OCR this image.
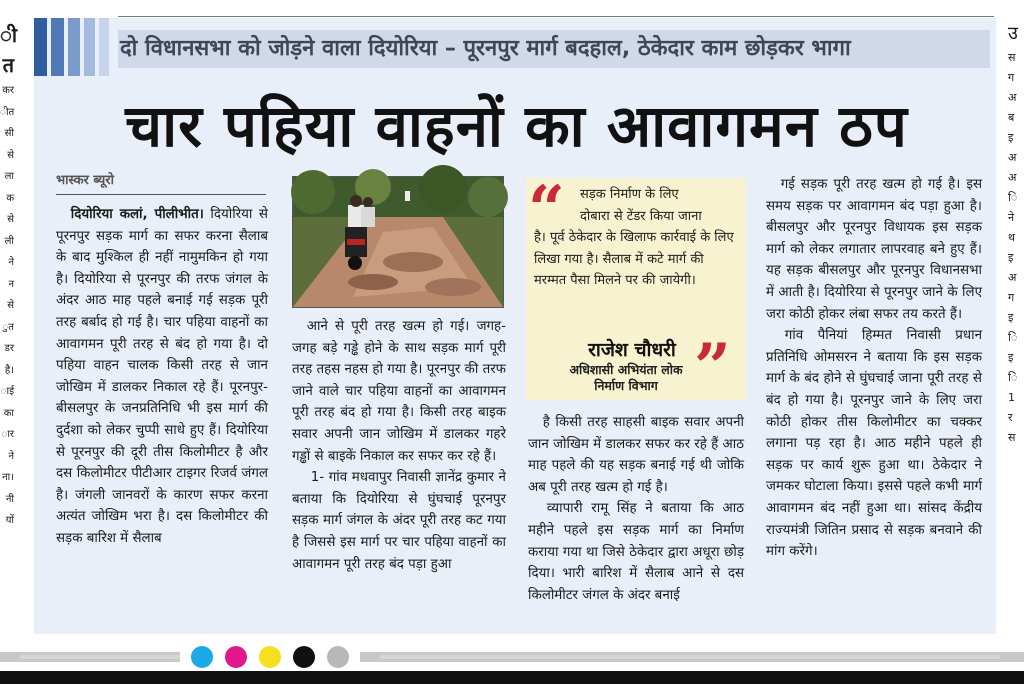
ी
त
कर
ीत
सी
से
ला
क
से
ली
ने
न
से
ुत
डर
है।
ाई
का
ार
ने
ना।
नी
यों
उ
स
ग
अ
ब
इ
अ
अ
ि
ने
थ
इ
अ
ग
इ
ि
इ
ि
1
र
स
दो विधानसभा को जोड़ने वाला दियोरिया – पूरनपुर मार्ग बदहाल, ठेकेदार काम छोड़कर भागा
चार पहिया वाहनों का आवागमन ठप
भास्कर ब्यूरो

दियोरिया कलां, पीलीभीत। दियोरिया से पूरनपुर सड़क मार्ग का सफर करना सैलाब के बाद मुश्किल ही नहीं नामुमकिन हो गया है। दियोरिया से पूरनपुर की तरफ जंगल के अंदर आठ माह पहले बनाई गई सड़क पूरी तरह बर्बाद हो गई है। चार पहिया वाहनों का आवागमन पूरी तरह से बंद हो गया है। दो पहिया वाहन चालक किसी तरह से जान जोखिम में डालकर निकाल रहे हैं। पूरनपुर-बीसलपुर के जनप्रतिनिधि भी इस मार्ग की दुर्दशा को लेकर चुप्पी साधे हुए हैं। दियोरिया से पूरनपुर की दूरी तीस किलोमीटर है और दस किलोमीटर पीटीआर टाइगर रिजर्व जंगल है। जंगली जानवरों के कारण सफर करना अत्यंत जोखिम भरा है। दस किलोमीटर की सड़क बारिश में सैलाब

आने से पूरी तरह खत्म हो गई। जगह-जगह बड़े गड्ढे होने के साथ सड़क मार्ग पूरी तरह तहस नहस हो गया है। पूरनपुर की तरफ जाने वाले चार पहिया वाहनों का आवागमन पूरी तरह बंद हो गया है। किसी तरह बाइक सवार अपनी जान जोखिम में डालकर गहरे गड्ढों से बाइकें निकाल कर सफर कर रहे हैं।

1- गांव मधवापुर निवासी ज्ञानेंद्र कुमार ने बताया कि दियोरिया से घुंघचाई पूरनपुर सड़क मार्ग जंगल के अंदर पूरी तरह कट गया है जिससे इस मार्ग पर चार पहिया वाहनों का आवागमन पूरी तरह बंद पड़ा हुआ

“	सड़क निर्माण के लिए
दोबारा से टेंडर किया जाना
है। पूर्व ठेकेदार के खिलाफ कार्रवाई के लिए लिखा गया है। सैलाब में कटे मार्ग की मरम्मत पैसा मिलने पर की जायेगी।
राजेश चौधरी
अधिशासी अभियंता लोक
निर्माण विभाग ”

है किसी तरह साहसी बाइक सवार अपनी जान जोखिम में डालकर सफर कर रहे हैं आठ माह पहले की यह सड़क बनाई गई थी जोकि अब पूरी तरह खत्म हो गई है।

व्यापारी रामू सिंह ने बताया कि आठ महीने पहले इस सड़क मार्ग का निर्माण कराया गया था जिसे ठेकेदार द्वारा अधूरा छोड़ दिया। भारी बारिश में सैलाब आने से दस किलोमीटर जंगल के अंदर बनाई

गई सड़क पूरी तरह खत्म हो गई है। इस समय सड़क पर आवागमन बंद पड़ा हुआ है। बीसलपुर और पूरनपुर विधायक इस सड़क मार्ग को लेकर लगातार लापरवाह बने हुए हैं। यह सड़क बीसलपुर और पूरनपुर विधानसभा में आती है। दियोरिया से पूरनपुर जाने के लिए जरा कोठी होकर लंबा सफर तय करते हैं।

गांव पैनियां हिम्मत निवासी प्रधान प्रतिनिधि ओमसरन ने बताया कि इस सड़क मार्ग के बंद होने से घुंघचाई जाना पूरी तरह से बंद हो गया है। पूरनपुर जाने के लिए जरा कोठी होकर तीस किलोमीटर का चक्कर लगाना पड़ रहा है। आठ महीने पहले ही सड़क पर कार्य शुरू हुआ था। ठेकेदार ने जमकर घोटाला किया। इससे पहले कभी मार्ग आवागमन बंद नहीं हुआ था। सांसद केंद्रीय राज्यमंत्री जितिन प्रसाद से सड़क बनवाने की मांग करेंगे।
